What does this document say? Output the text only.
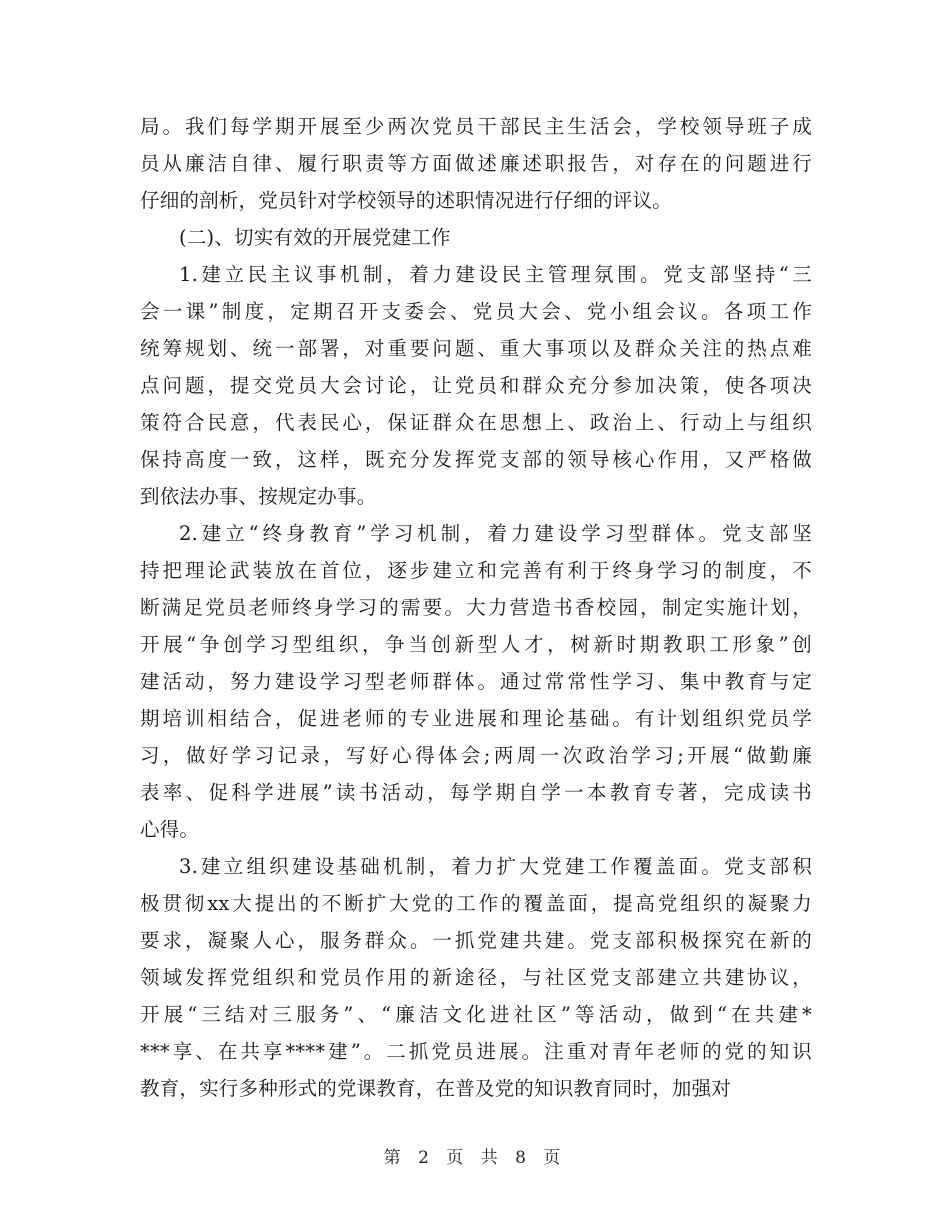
局。我们每学期开展至少两次党员干部民主生活会，学校领导班子成
员从廉洁自律、履行职责等方面做述廉述职报告，对存在的问题进行
仔细的剖析，党员针对学校领导的述职情况进行仔细的评议。
(二)、切实有效的开展党建工作
1.建立民主议事机制，着力建设民主管理氛围。党支部坚持“三
会一课”制度，定期召开支委会、党员大会、党小组会议。各项工作
统筹规划、统一部署，对重要问题、重大事项以及群众关注的热点难
点问题，提交党员大会讨论，让党员和群众充分参加决策，使各项决
策符合民意，代表民心，保证群众在思想上、政治上、行动上与组织
保持高度一致，这样，既充分发挥党支部的领导核心作用，又严格做
到依法办事、按规定办事。
2.建立“终身教育”学习机制，着力建设学习型群体。党支部坚
持把理论武装放在首位，逐步建立和完善有利于终身学习的制度，不
断满足党员老师终身学习的需要。大力营造书香校园，制定实施计划，
开展“争创学习型组织，争当创新型人才，树新时期教职工形象”创
建活动，努力建设学习型老师群体。通过常常性学习、集中教育与定
期培训相结合，促进老师的专业进展和理论基础。有计划组织党员学
习，做好学习记录，写好心得体会;两周一次政治学习;开展“做勤廉
表率、促科学进展”读书活动，每学期自学一本教育专著，完成读书
心得。
3.建立组织建设基础机制，着力扩大党建工作覆盖面。党支部积
极贯彻xx大提出的不断扩大党的工作的覆盖面，提高党组织的凝聚力
要求，凝聚人心，服务群众。一抓党建共建。党支部积极探究在新的
领域发挥党组织和党员作用的新途径，与社区党支部建立共建协议，
开展“三结对三服务”、“廉洁文化进社区”等活动，做到“在共建*
***享、在共享****建”。二抓党员进展。注重对青年老师的党的知识
教育，实行多种形式的党课教育，在普及党的知识教育同时，加强对
第 2 页 共 8 页
